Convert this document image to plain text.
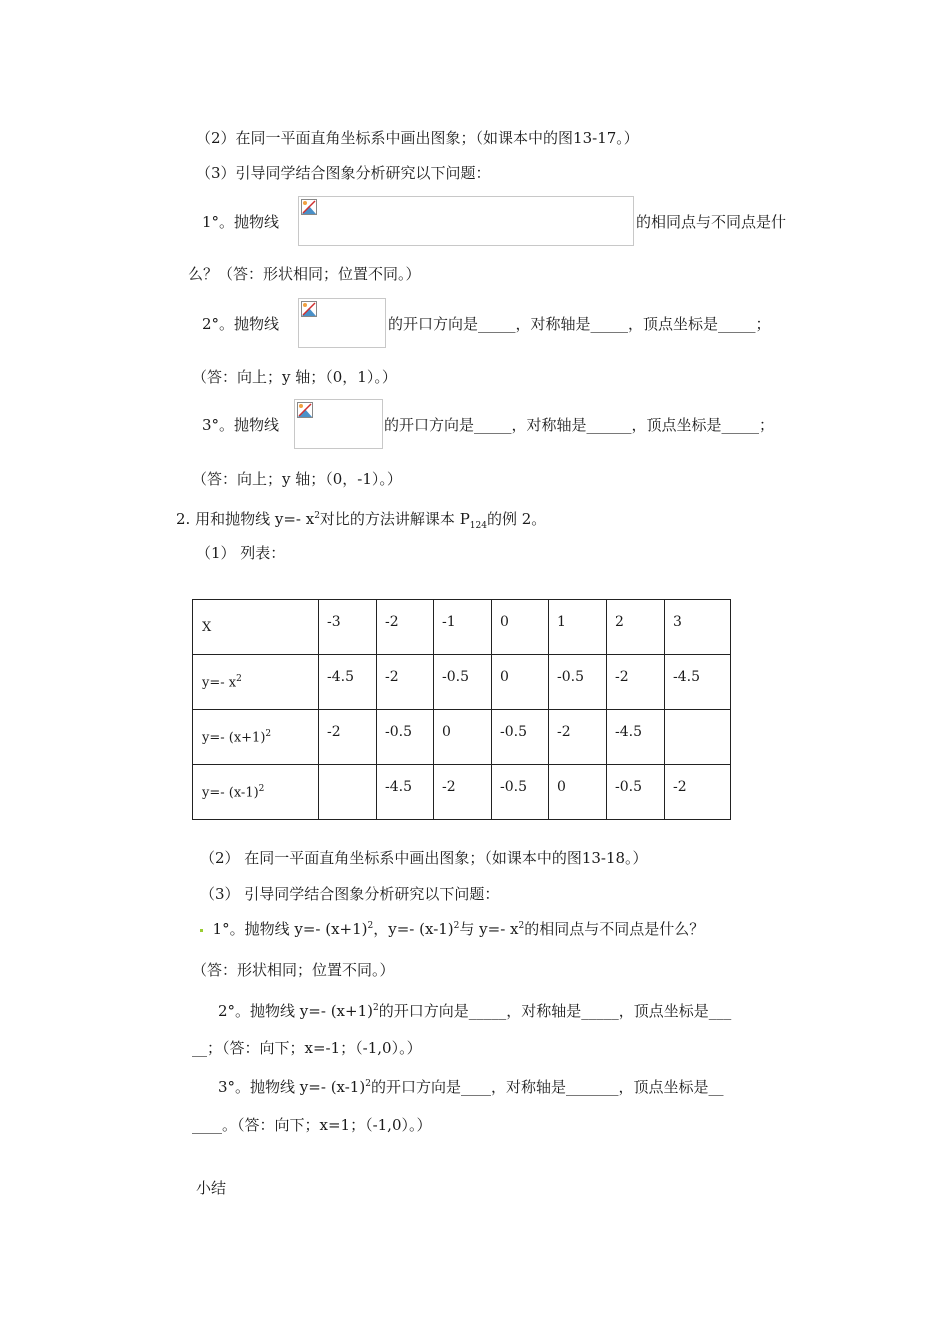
（2）在同一平面直角坐标系中画出图象；（如课本中的图13-17。）
（3）引导同学结合图象分析研究以下问题：
1°。抛物线	的相同点与不同点是什
么？（答：形状相同；位置不同。）
2°。抛物线	的开口方向是_____，对称轴是_____，顶点坐标是_____；
（答：向上；y 轴；（0，1）。）
3°。抛物线	的开口方向是_____，对称轴是______，顶点坐标是_____；
（答：向上；y 轴；（0，-1）。）
2. 用和抛物线 y=- $x^2$对比的方法讲解课本 $P_{124}$的例 2。
（1） 列表：
X	-3	-2	-1	0	1	2	3
y=- $x^2$	-4.5	-2	-0.5	0	-0.5	-2	-4.5
y=- $(x+1)^2$	-2	-0.5	0	-0.5	-2	-4.5	
y=- $(x-1)^2$		-4.5	-2	-0.5	0	-0.5	-2
（2） 在同一平面直角坐标系中画出图象；（如课本中的图13-18。）
（3） 引导同学结合图象分析研究以下问题：
1°。抛物线 y=- $(x+1)^2$，y=- $(x-1)^2$与 y=- $x^2$的相同点与不同点是什么？
（答：形状相同；位置不同。）
2°。抛物线 y=- $(x+1)^2$的开口方向是_____，对称轴是_____，顶点坐标是___
__；（答：向下；x=-1；（-1,0）。）
3°。抛物线 y=- $(x-1)^2$的开口方向是____，对称轴是_______，顶点坐标是__
____。（答：向下；x=1；（-1,0）。）
小结
